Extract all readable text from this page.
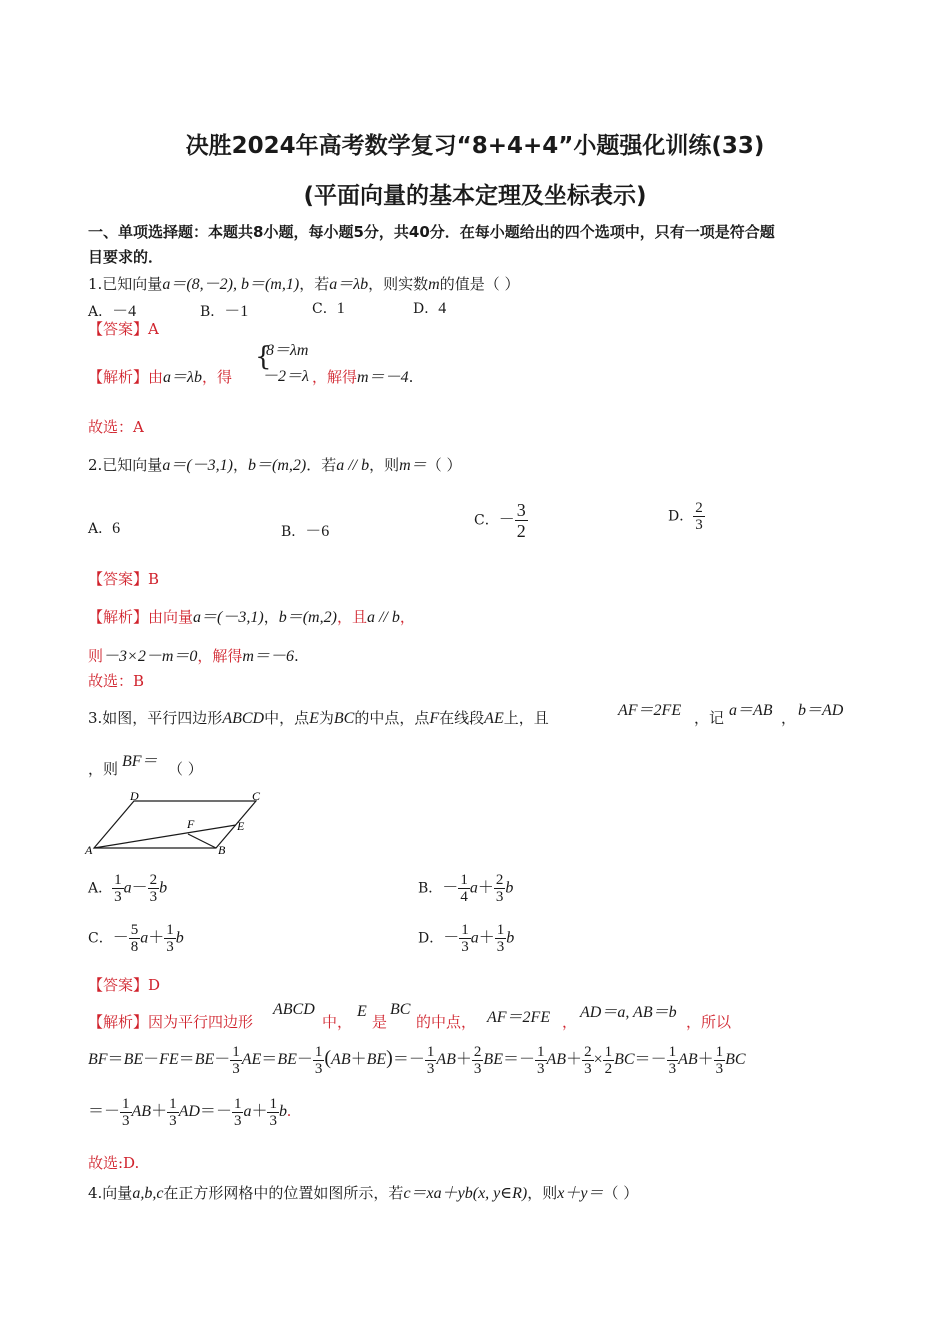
决胜2024年高考数学复习“8+4+4”小题强化训练(33)
(平面向量的基本定理及坐标表示)
一、单项选择题：本题共8小题，每小题5分，共40分．在每小题给出的四个选项中，只有一项是符合题
目要求的．
1.已知向量a＝(8,－2), b＝(m,1)，若a＝λb，则实数m的值是（ ）
A．－4	B．－1	C．1	D．4
【答案】A
【解析】由a＝λb，得
{
8＝λm
－2＝λ ，解得m＝－4.
故选：A
2.已知向量a＝(－3,1)，b＝(m,2)．若a // b，则m＝（ ）
A．6	B．－6
C．－ $\frac{3}{2}$	D． $\frac{2}{3}$
【答案】B
【解析】由向量a＝(－3,1)，b＝(m,2)，且a // b，
则－3×2－m＝0，解得m＝－6.
故选：B
3.如图，平行四边形ABCD中，点E为BC的中点，点F在线段AE上，且	AF＝2FE ，记 a＝AB ， b＝AD
，则 BF＝ （ ）
D	C
F	E
A	B
A． $\frac{1}{3} a- \frac{2}{3}$ b	B．－ $\frac{1}{4} a+ \frac{2}{3}$ b
C．－ $\frac{5}{8} a+ \frac{1}{3}$ b	D．－ $\frac{1}{3} a+ \frac{1}{3}$ b
【答案】D
【解析】因为平行四边形
ABCD
中，
E
是
BC
的中点， AF＝2FE ，
AD＝a, AB＝b
，所以
$BF=BE-FE=BE- \frac{1}{3} AE=BE- \frac{1}{3} (AB+BE)=- \frac{1}{3} AB+ \frac{2}{3} BE=- \frac{1}{3} AB+ \frac{2}{3} \times \frac{1}{2} BC=- \frac{1}{3} AB+ \frac{1}{3}$ BC
＝－ $\frac{1}{3} AB+ \frac{1}{3} AD=- \frac{1}{3} a+ \frac{1}{3} b$.
故选:D.
4.向量a,b,c在正方形网格中的位置如图所示，若c＝xa＋yb(x, y∈R)，则x＋y＝（ ）
